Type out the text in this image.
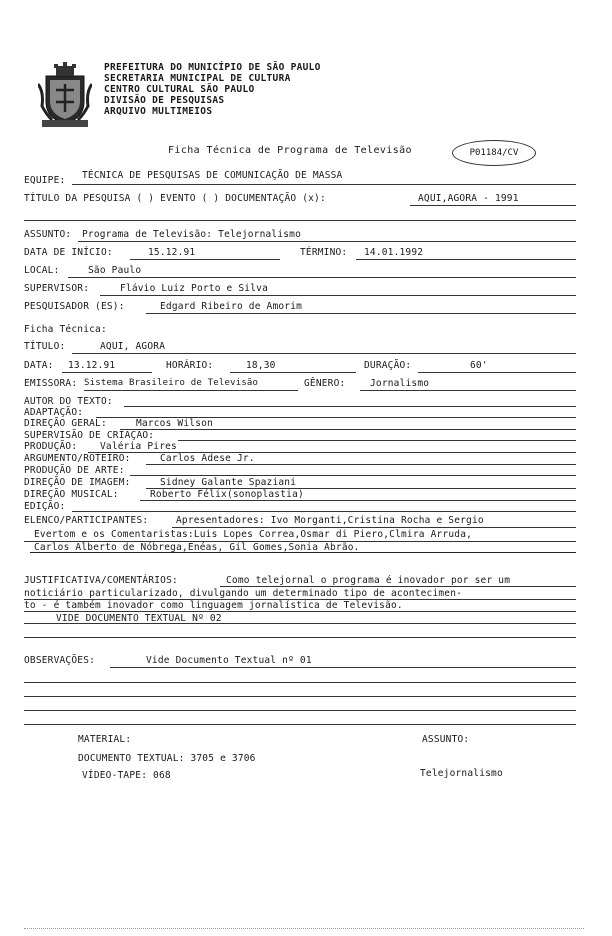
PREFEITURA DO MUNICÍPIO DE SÃO PAULO
SECRETARIA MUNICIPAL DE CULTURA
CENTRO CULTURAL SÃO PAULO
DIVISÃO DE PESQUISAS
ARQUIVO MULTIMEIOS
Ficha Técnica de Programa de Televisão	P01184/CV
EQUIPE: TÉCNICA DE PESQUISAS DE COMUNICAÇÃO DE MASSA
TÍTULO DA PESQUISA ( ) EVENTO ( ) DOCUMENTAÇÃO (x):	AQUI,AGORA - 1991
ASSUNTO: Programa de Televisão: Telejornalismo
DATA DE INÍCIO:	15.12.91	TÉRMINO: 14.01.1992
LOCAL:	São Paulo
SUPERVISOR:	Flávio Luiz Porto e Silva
PESQUISADOR (ES):	Edgard Ribeiro de Amorim
Ficha Técnica:
TÍTULO:	AQUI, AGORA
DATA: 13.12.91	HORÁRIO:	18,30	DURAÇÃO:	60'
EMISSORA: Sistema Brasileiro de Televisão	GÊNERO:	Jornalismo
AUTOR DO TEXTO:
ADAPTAÇÃO:
DIREÇÃO GERAL:	Marcos Wilson
SUPERVISÃO DE CRIAÇÃO:
PRODUÇÃO: Valéria Pires
ARGUMENTO/ROTEIRO:	Carlos Adese Jr.
PRODUÇÃO DE ARTE:
DIREÇÃO DE IMAGEM:	Sidney Galante Spaziani
DIREÇÃO MUSICAL:	Roberto Félix(sonoplastia)
EDIÇÃO:
ELENCO/PARTICIPANTES:	Apresentadores: Ivo Morganti,Cristina Rocha e Sergio
Evertom e os Comentaristas:Luis Lopes Correa,Osmar di Piero,Clmira Arruda,
Carlos Alberto de Nóbrega,Enéas, Gil Gomes,Sonia Abrão.
JUSTIFICATIVA/COMENTÁRIOS:	Como telejornal o programa é inovador por ser um
noticiário particularizado, divulgando um determinado tipo de acontecimen-
to - é também inovador como linguagem jornalística de Televisão.
VIDE DOCUMENTO TEXTUAL Nº 02
OBSERVAÇÕES:	Vide Documento Textual nº 01
MATERIAL:	ASSUNTO:
DOCUMENTO TEXTUAL: 3705 e 3706
VÍDEO-TAPE: 068	Telejornalismo
